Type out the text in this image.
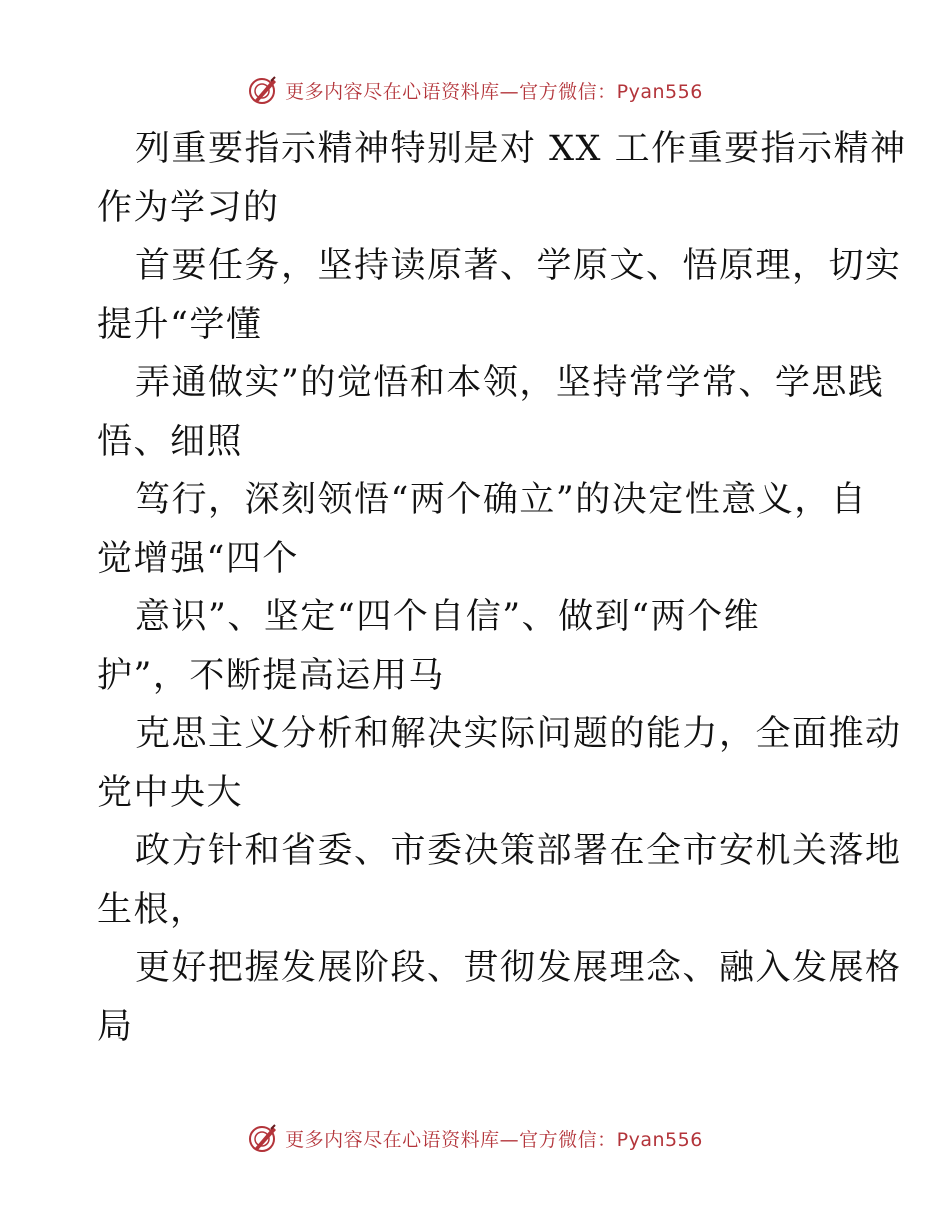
更多内容尽在心语资料库—官方微信：Pyan556
列重要指示精神特别是对 XX 工作重要指示精神
作为学习的
首要任务，坚持读原著、学原文、悟原理，切实
提升“学懂
弄通做实”的觉悟和本领，坚持常学常、学思践
悟、细照
笃行，深刻领悟“两个确立”的决定性意义，自
觉增强“四个
意识”、坚定“四个自信”、做到“两个维
护”，不断提高运用马
克思主义分析和解决实际问题的能力，全面推动
党中央大
政方针和省委、市委决策部署在全市安机关落地
生根，
更好把握发展阶段、贯彻发展理念、融入发展格
局
更多内容尽在心语资料库—官方微信：Pyan556
